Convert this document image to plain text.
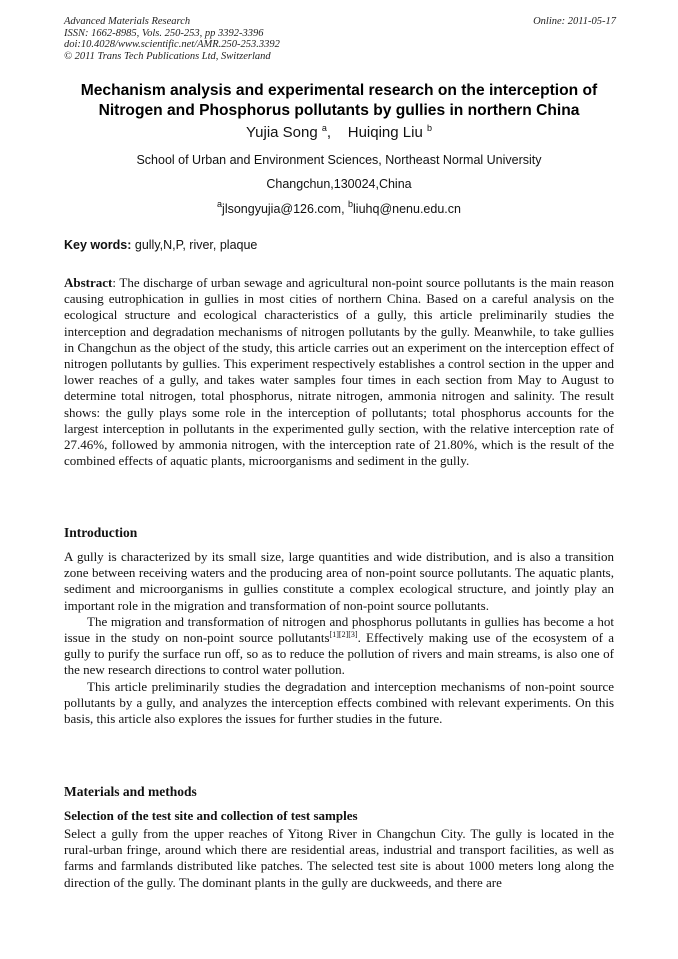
Advanced Materials Research
ISSN: 1662-8985, Vols. 250-253, pp 3392-3396
doi:10.4028/www.scientific.net/AMR.250-253.3392
© 2011 Trans Tech Publications Ltd, Switzerland
Online: 2011-05-17
Mechanism analysis and experimental research on the interception of
Nitrogen and Phosphorus pollutants by gullies in northern China
Yujia Song $^a$, Huiqing Liu $^b$
School of Urban and Environment Sciences, Northeast Normal University
Changchun,130024,China
$^a$jlsongyujia@126.com, $^b$liuhq@nenu.edu.cn
Key words: gully,N,P, river, plaque

Abstract: The discharge of urban sewage and agricultural non-point source pollutants is the main reason causing eutrophication in gullies in most cities of northern China. Based on a careful analysis on the ecological structure and ecological characteristics of a gully, this article preliminarily studies the interception and degradation mechanisms of nitrogen pollutants by the gully. Meanwhile, to take gullies in Changchun as the object of the study, this article carries out an experiment on the interception effect of nitrogen pollutants by gullies. This experiment respectively establishes a control section in the upper and lower reaches of a gully, and takes water samples four times in each section from May to August to determine total nitrogen, total phosphorus, nitrate nitrogen, ammonia nitrogen and salinity. The result shows: the gully plays some role in the interception of pollutants; total phosphorus accounts for the largest interception in pollutants in the experimented gully section, with the relative interception rate of 27.46%, followed by ammonia nitrogen, with the interception rate of 21.80%, which is the result of the combined effects of aquatic plants, microorganisms and sediment in the gully.

Introduction

A gully is characterized by its small size, large quantities and wide distribution, and is also a transition zone between receiving waters and the producing area of non-point source pollutants. The aquatic plants, sediment and microorganisms in gullies constitute a complex ecological structure, and jointly play an important role in the migration and transformation of non-point source pollutants.

The migration and transformation of nitrogen and phosphorus pollutants in gullies has become a hot issue in the study on non-point source pollutants[1][2][3]. Effectively making use of the ecosystem of a gully to purify the surface run off, so as to reduce the pollution of rivers and main streams, is also one of the new research directions to control water pollution.

This article preliminarily studies the degradation and interception mechanisms of non-point source pollutants by a gully, and analyzes the interception effects combined with relevant experiments. On this basis, this article also explores the issues for further studies in the future.

Materials and methods
Selection of the test site and collection of test samples

Select a gully from the upper reaches of Yitong River in Changchun City. The gully is located in the rural-urban fringe, around which there are residential areas, industrial and transport facilities, as well as farms and farmlands distributed like patches. The selected test site is about 1000 meters long along the direction of the gully. The dominant plants in the gully are duckweeds, and there are
